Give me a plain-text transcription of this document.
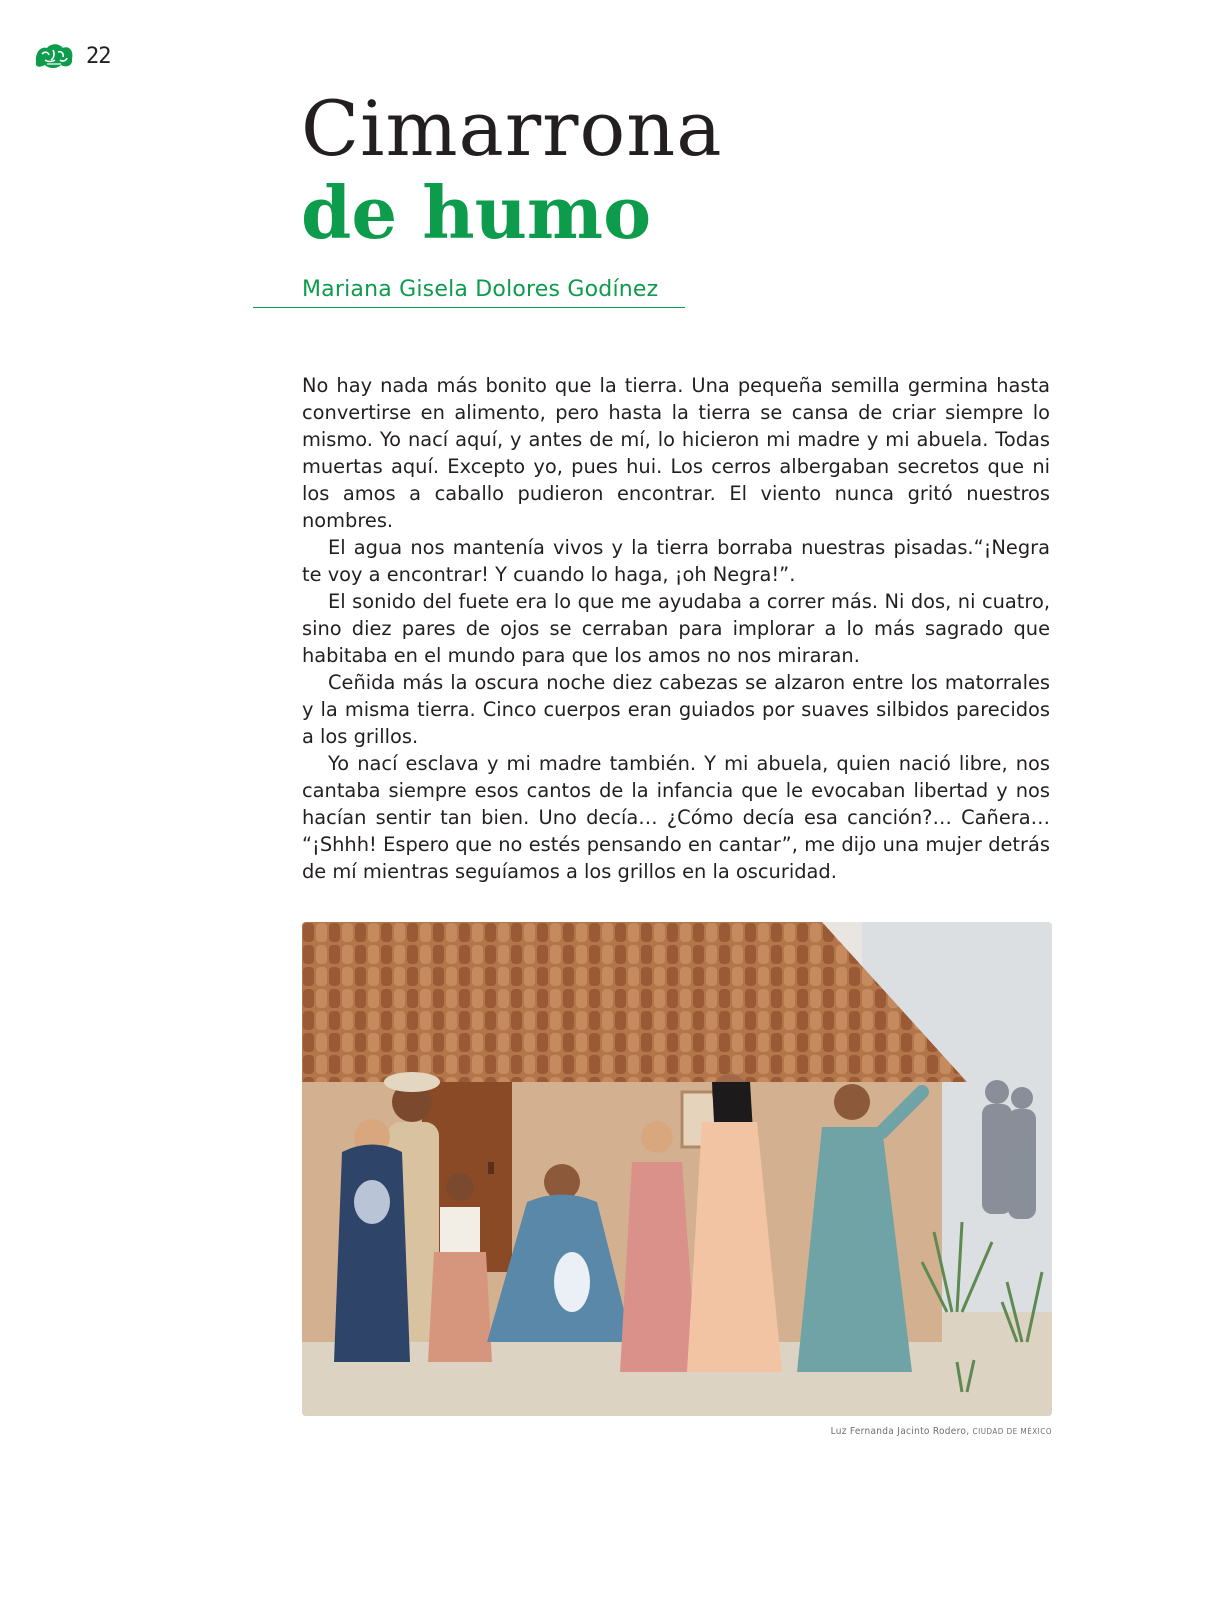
22
Cimarrona
de humo
Mariana Gisela Dolores Godínez

No hay nada más bonito que la tierra. Una pequeña semilla germina hasta convertirse en alimento, pero hasta la tierra se cansa de criar siempre lo mismo. Yo nací aquí, y antes de mí, lo hicieron mi madre y mi abuela. Todas muertas aquí. Excepto yo, pues hui. Los cerros albergaban secretos que ni los amos a caballo pudieron encontrar. El viento nunca gritó nuestros nombres.

El agua nos mantenía vivos y la tierra borraba nuestras pisadas.“¡Negra te voy a encontrar! Y cuando lo haga, ¡oh Negra!”.

El sonido del fuete era lo que me ayudaba a correr más. Ni dos, ni cuatro, sino diez pares de ojos se cerraban para implorar a lo más sagrado que habitaba en el mundo para que los amos no nos miraran.

Ceñida más la oscura noche diez cabezas se alzaron entre los matorrales y la misma tierra. Cinco cuerpos eran guiados por suaves silbidos parecidos a los grillos.

Yo nací esclava y mi madre también. Y mi abuela, quien nació libre, nos cantaba siempre esos cantos de la infancia que le evocaban libertad y nos hacían sentir tan bien. Uno decía… ¿Cómo decía esa canción?… Cañera… “¡Shhh! Espero que no estés pensando en cantar”, me dijo una mujer detrás de mí mientras seguíamos a los grillos en la oscuridad.

Luz Fernanda Jacinto Rodero, CIUDAD DE MÉXICO
